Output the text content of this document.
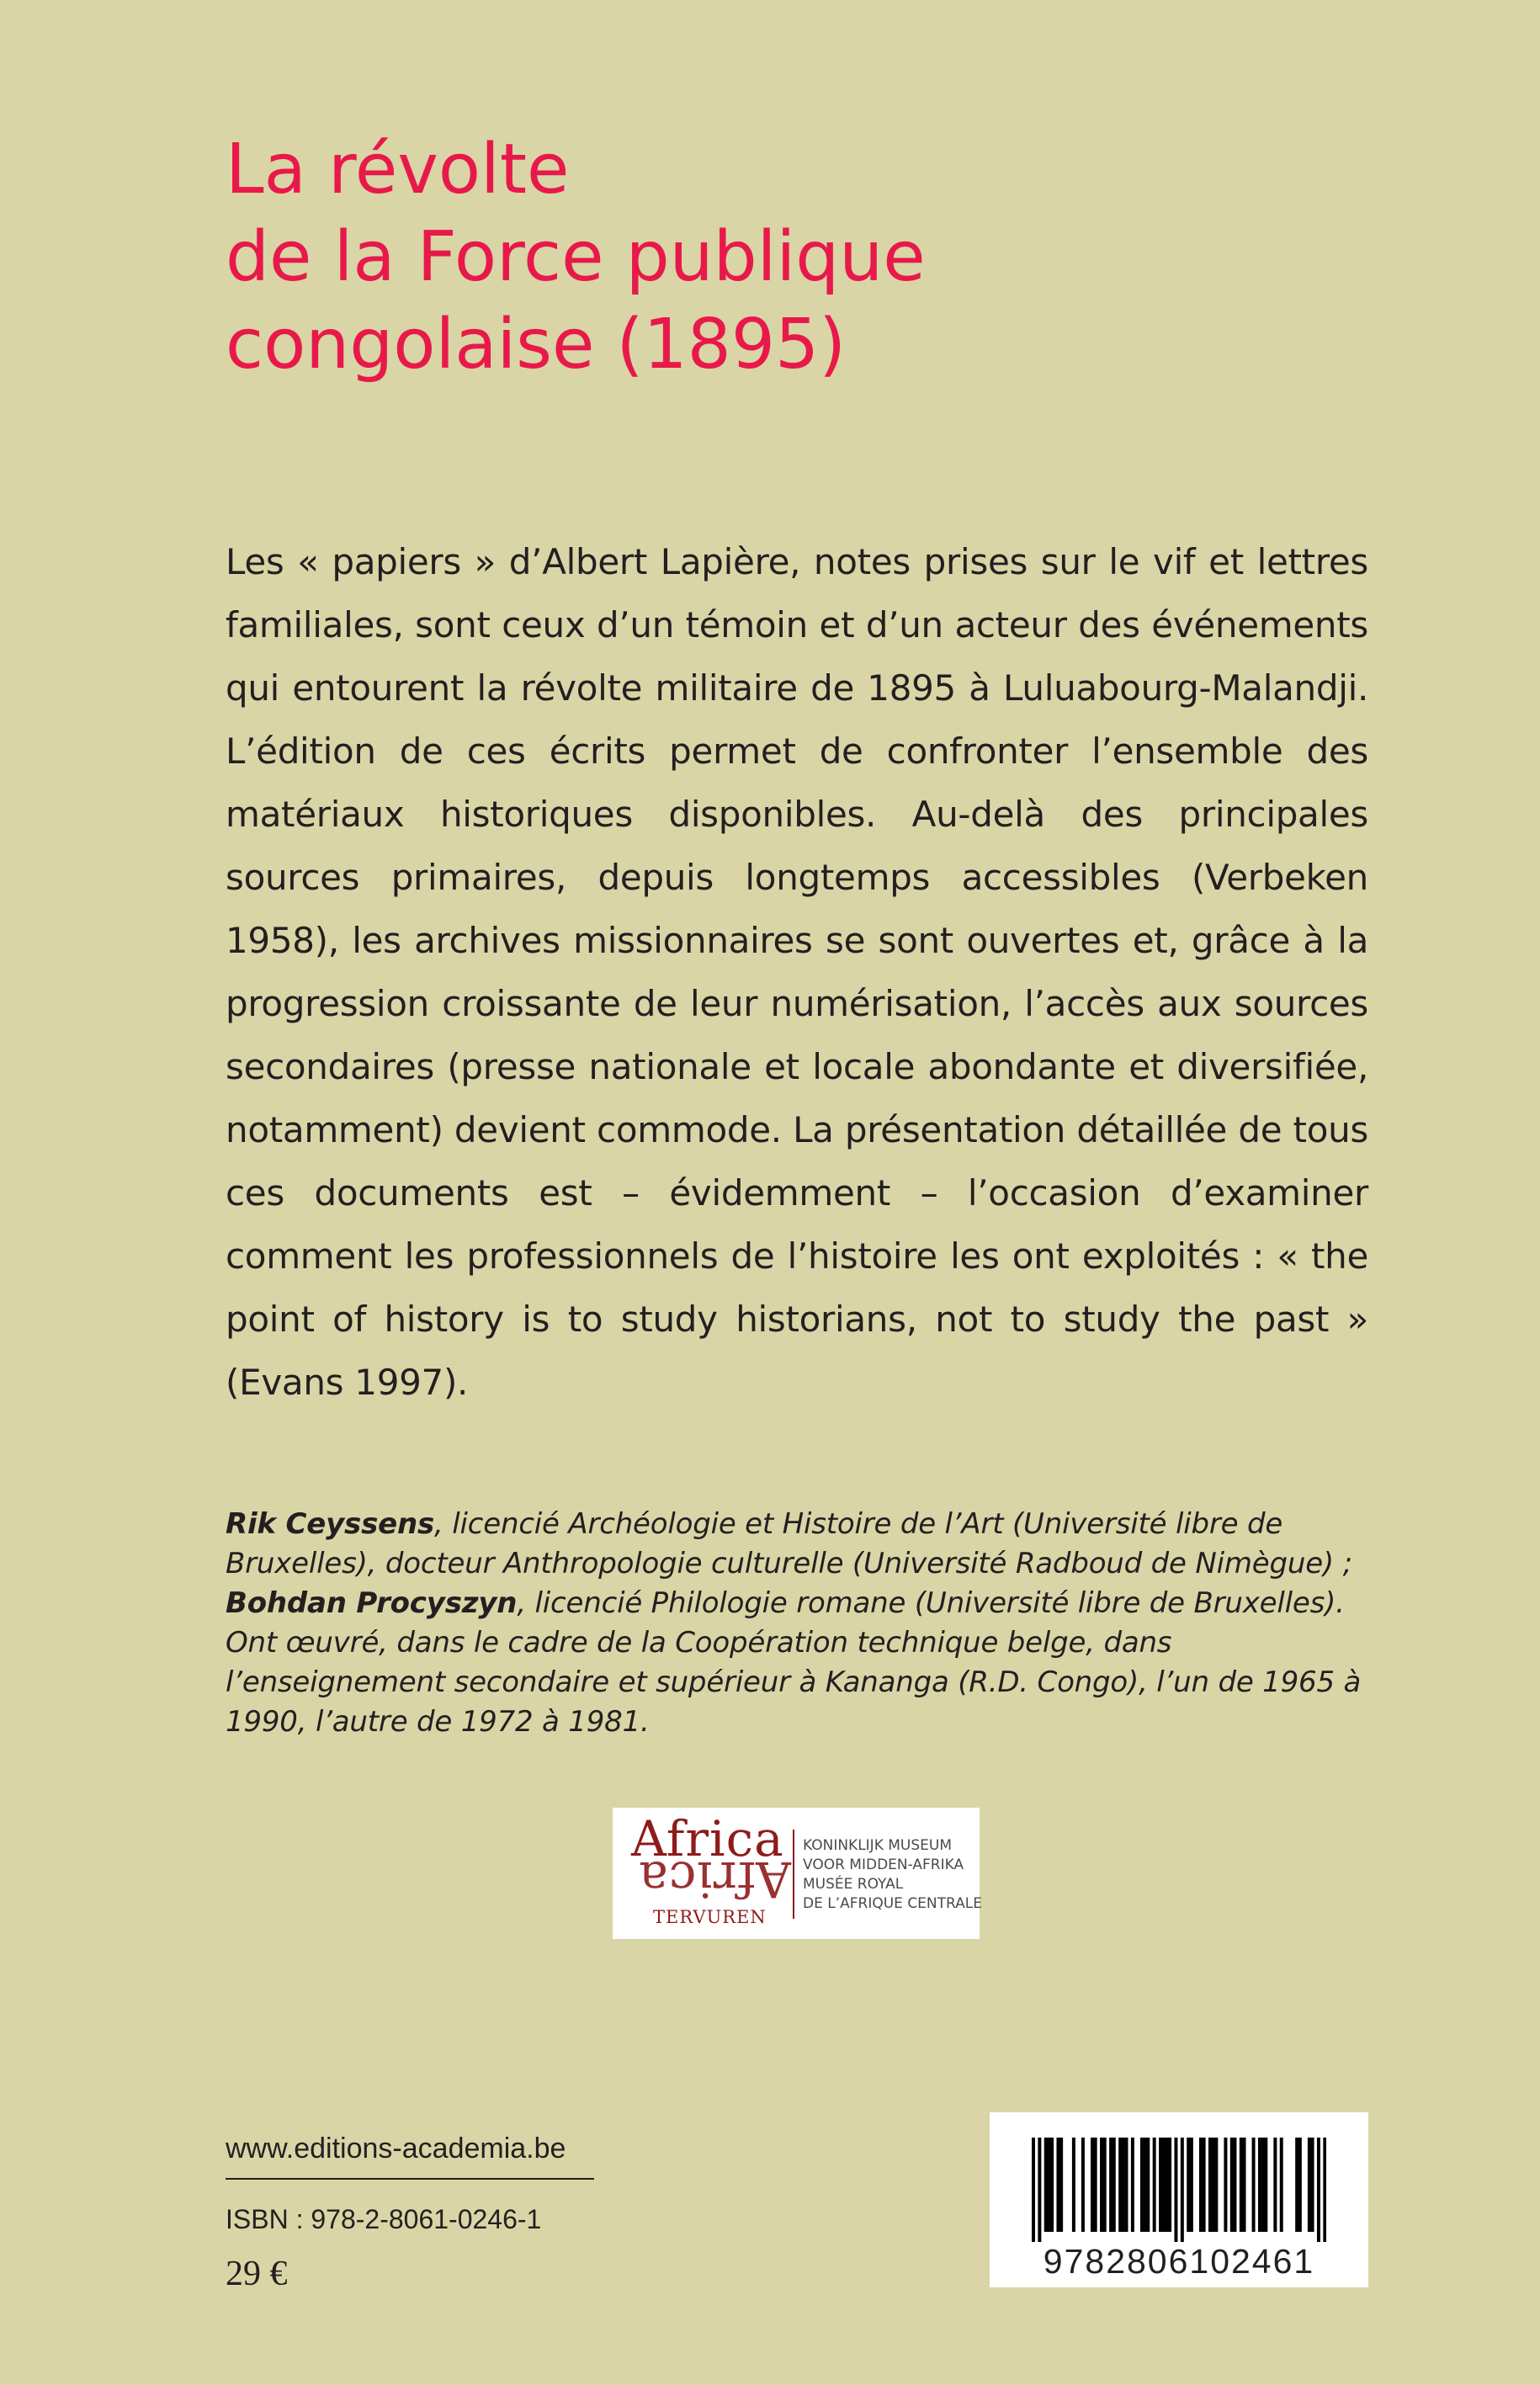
La révolte
de la Force publique
congolaise (1895)

Les « papiers » d’Albert Lapière, notes prises sur le vif et lettres familiales, sont ceux d’un témoin et d’un acteur des événements qui entourent la révolte militaire de 1895 à Luluabourg-Malandji. L’édition de ces écrits permet de confronter l’ensemble des matériaux historiques disponibles. Au-delà des principales sources primaires, depuis longtemps accessibles (Verbeken 1958), les archives missionnaires se sont ouvertes et, grâce à la progression croissante de leur numérisation, l’accès aux sources secondaires (presse nationale et locale abondante et diversifiée, notamment) devient commode. La présentation détaillée de tous ces documents est – évidemment – l’occasion d’examiner comment les professionnels de l’histoire les ont exploités : « the point of history is to study historians, not to study the past » (Evans 1997).

Rik Ceyssens, licencié Archéologie et Histoire de l’Art (Université libre de Bruxelles), docteur Anthropologie culturelle (Université Radboud de Nimègue) ;
Bohdan Procyszyn, licencié Philologie romane (Université libre de Bruxelles).
Ont œuvré, dans le cadre de la Coopération technique belge, dans l’enseignement secondaire et supérieur à Kananga (R.D. Congo), l’un de 1965 à 1990, l’autre de 1972 à 1981.

Africa
Africa
TERVUREN
KONINKLIJK MUSEUM
VOOR MIDDEN-AFRIKA
MUSÉE ROYAL
DE L’AFRIQUE CENTRALE
www.editions-academia.be
ISBN : 978-2-8061-0246-1
29 €	9782806102461
